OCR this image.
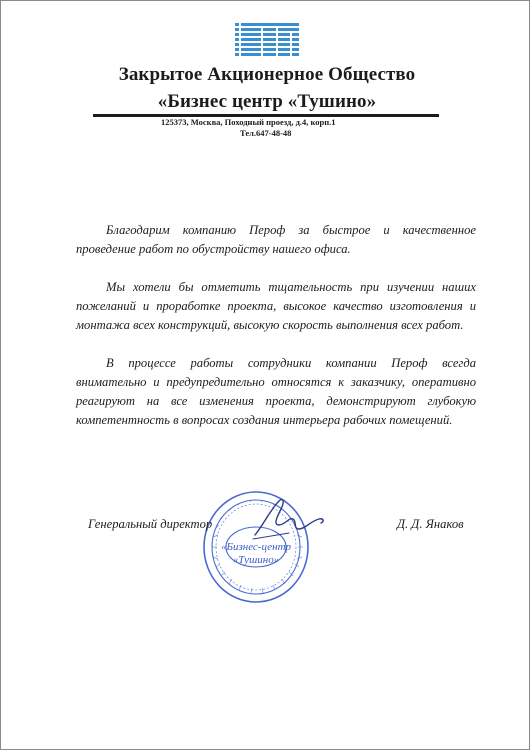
Закрытое Акционерное Общество
«Бизнес центр «Тушино»
125373, Москва, Походный проезд, д.4, корп.1
Тел.647-48-48

Благодарим компанию Пероф за быстрое и качественное проведение работ по обустройству нашего офиса.

Мы хотели бы отметить тщательность при изучении наших пожеланий и проработке проекта, высокое качество изготовления и монтажа всех конструкций, высокую скорость выполнения всех работ.

В процессе работы сотрудники компании Пероф всегда внимательно и предупредительно относятся к заказчику, оперативно реагируют на все изменения проекта, демонстрируют глубокую компетентность в вопросах создания интерьера рабочих помещений.

«Бизнес-центр
«Тушино»
Генеральный директор	Д. Д. Янаков
